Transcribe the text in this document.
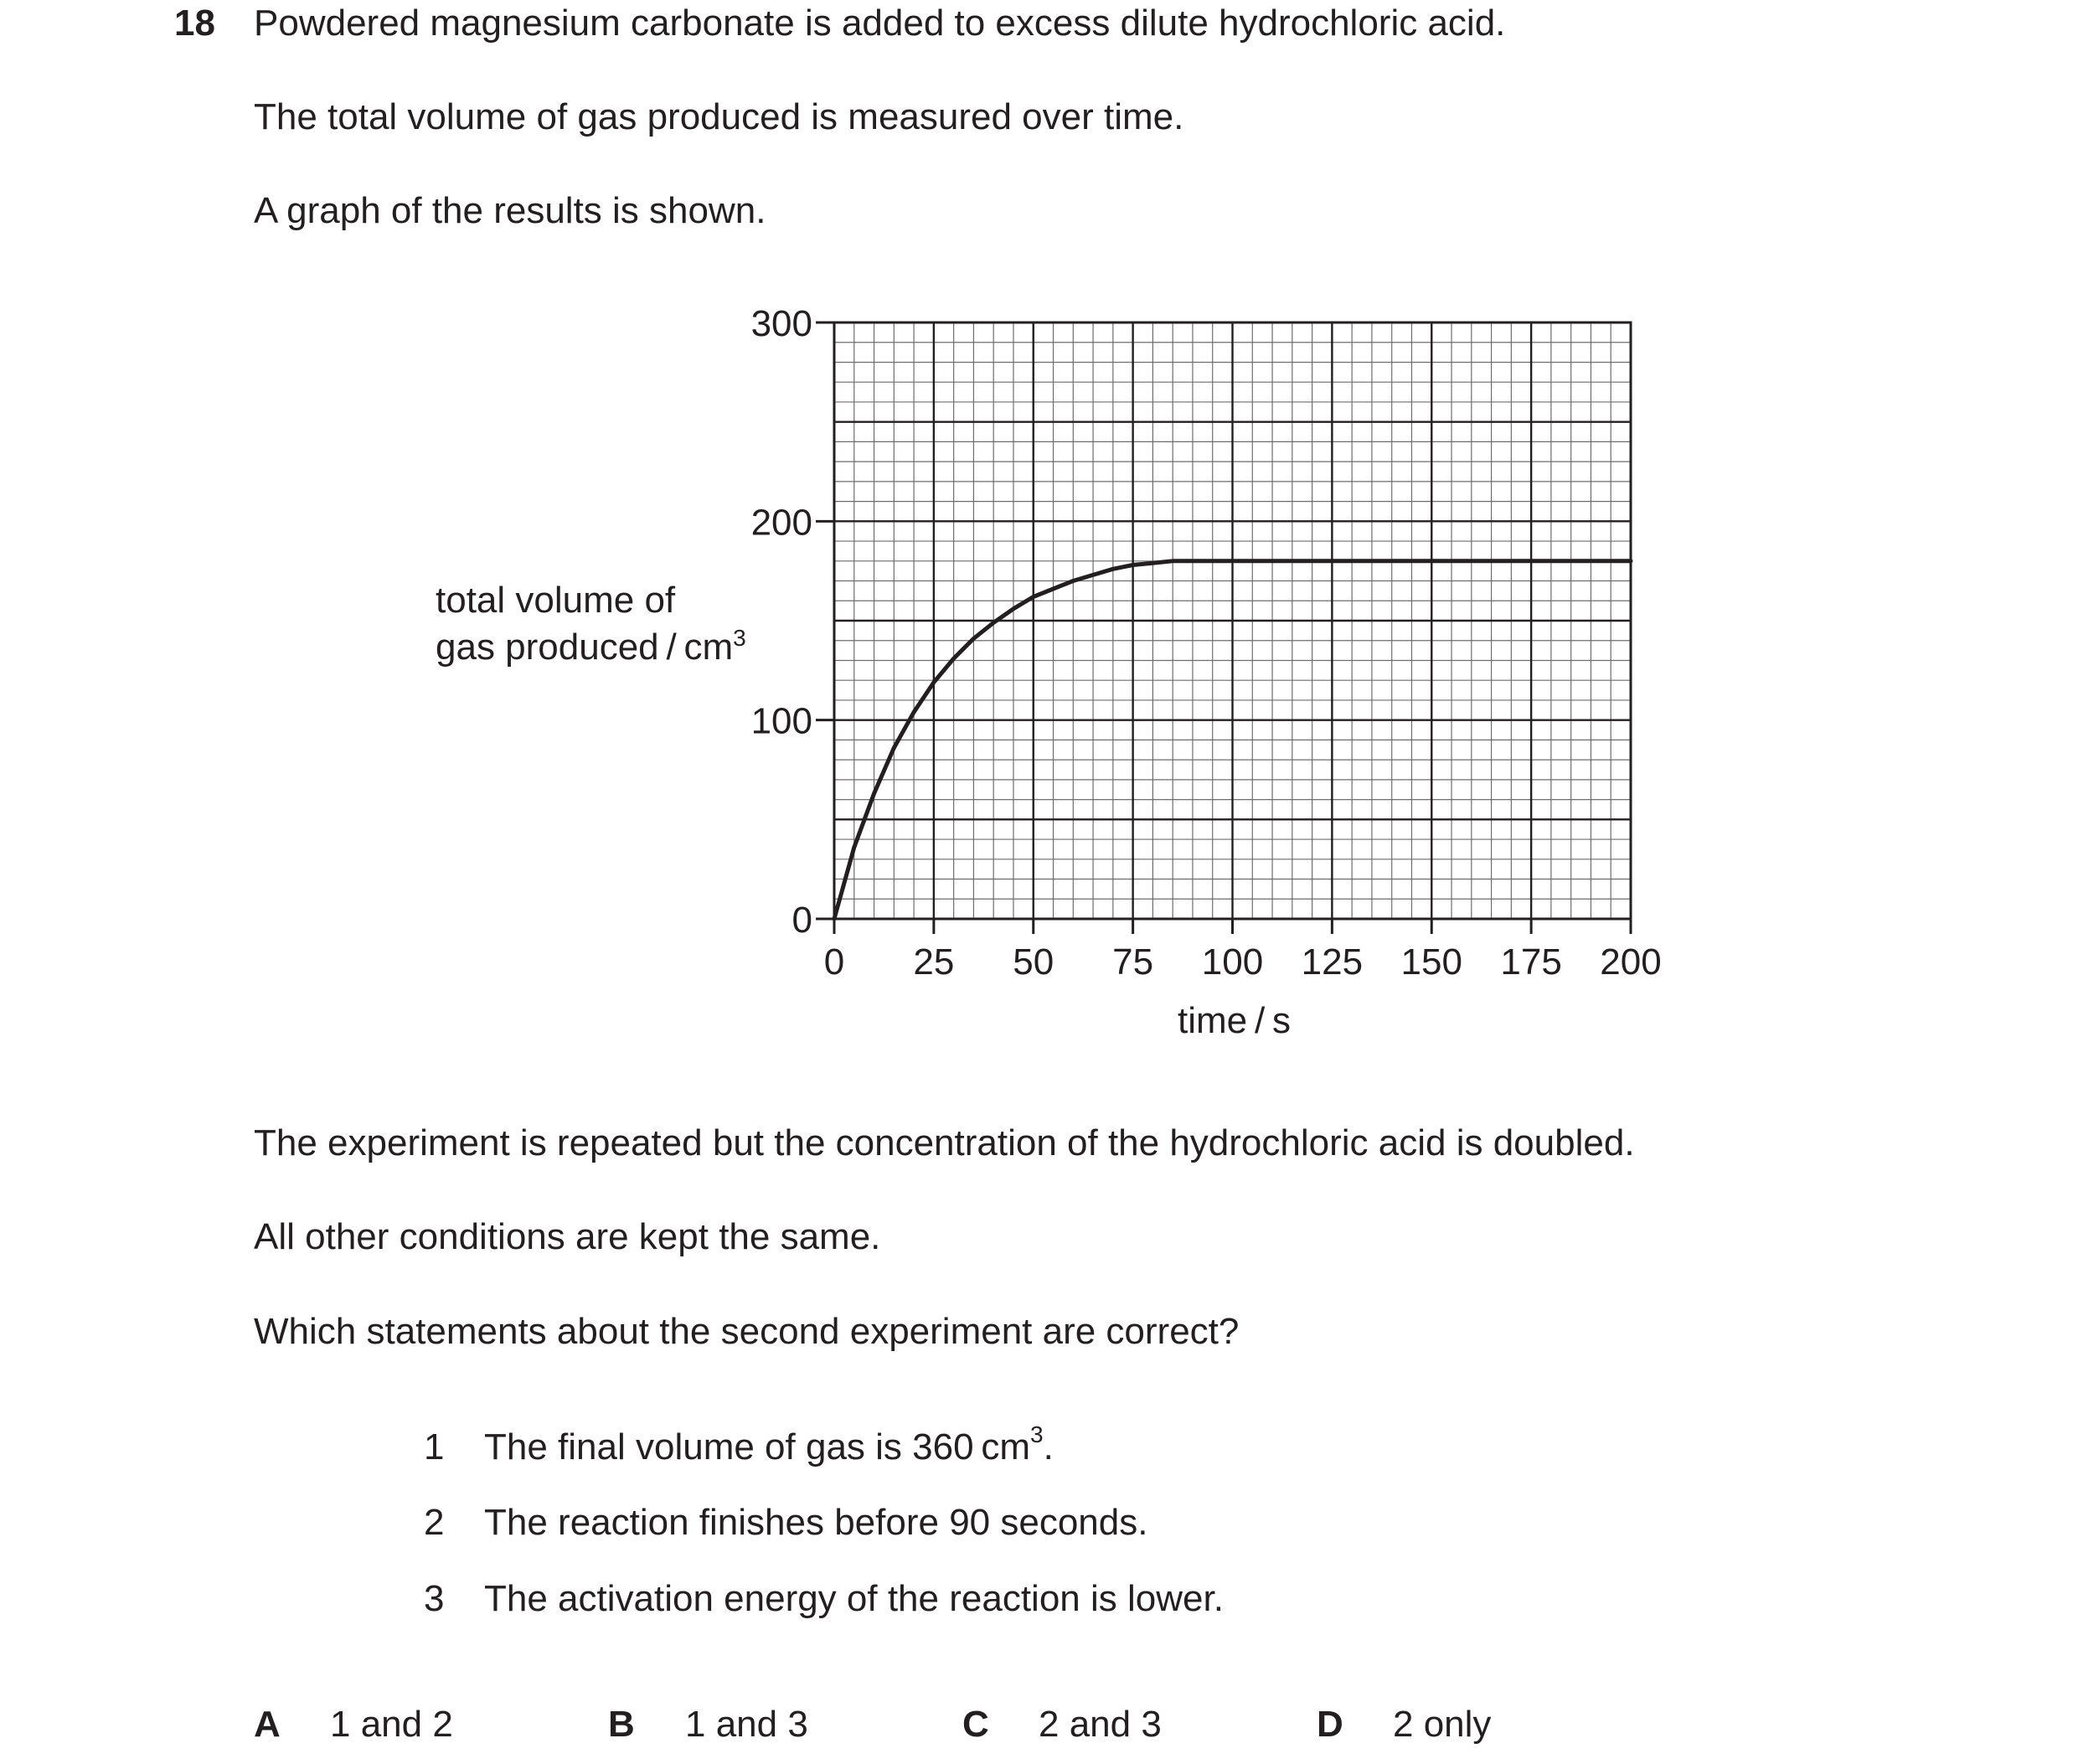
18 Powdered magnesium carbonate is added to excess dilute hydrochloric acid.
The total volume of gas produced is measured over time.
A graph of the results is shown.
0 25 50 75 100 125 150 175 200
0
100
200
300
time / s
total volume of
gas produced / $cm^3$
The experiment is repeated but the concentration of the hydrochloric acid is doubled.
All other conditions are kept the same.
Which statements about the second experiment are correct?
1 The final volume of gas is 360 $cm^3$.
2 The reaction finishes before 90 seconds.
3 The activation energy of the reaction is lower.
A 1 and 2	B 1 and 3	C 2 and 3	D 2 only
